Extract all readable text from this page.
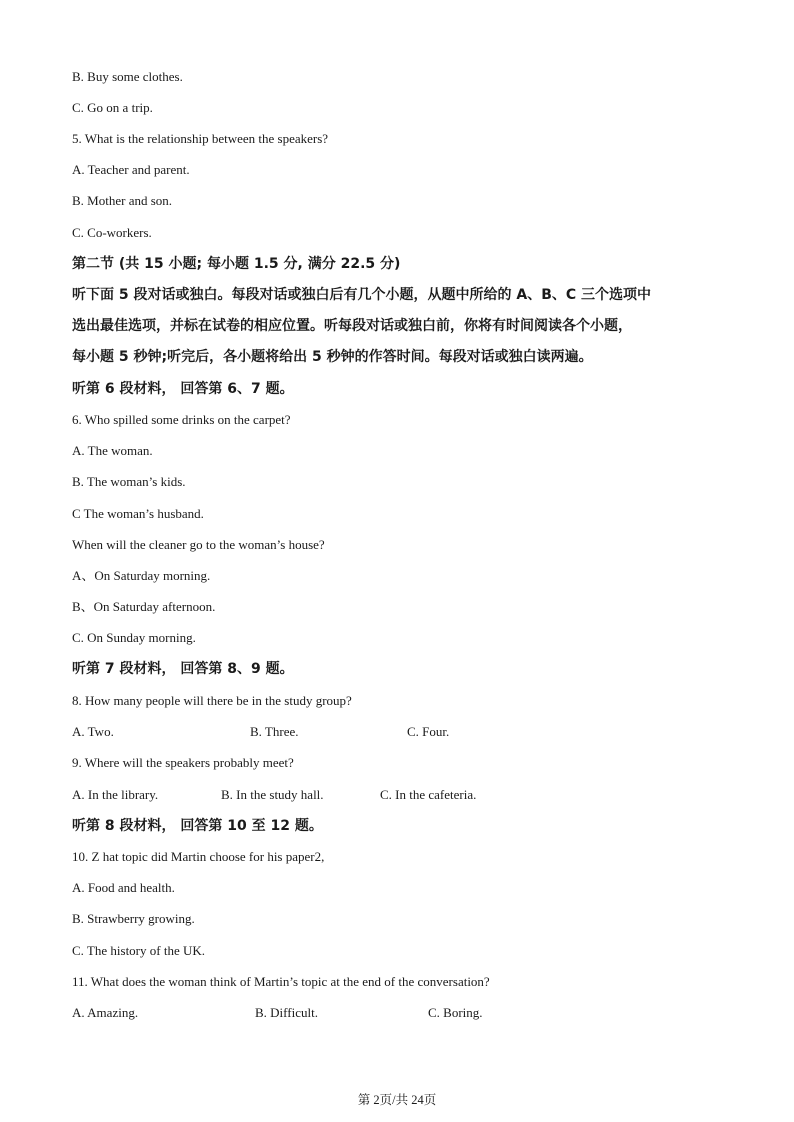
B. Buy some clothes.
C. Go on a trip.
5. What is the relationship between the speakers?
A. Teacher and parent.
B. Mother and son.
C. Co-workers.
第二节 (共 15 小题; 每小题 1.5 分, 满分 22.5 分)
听下面 5 段对话或独白。每段对话或独白后有几个小题，从题中所给的 A、B、C 三个选项中
选出最佳选项，并标在试卷的相应位置。听每段对话或独白前，你将有时间阅读各个小题，
每小题 5 秒钟;听完后，各小题将给出 5 秒钟的作答时间。每段对话或独白读两遍。
听第 6 段材料， 回答第 6、7 题。
6. Who spilled some drinks on the carpet?
A. The woman.
B. The woman’s kids.
C The woman’s husband.
When will the cleaner go to the woman’s house?
A、On Saturday morning.
B、On Saturday afternoon.
C. On Sunday morning.
听第 7 段材料， 回答第 8、9 题。
8. How many people will there be in the study group?
A. Two.	B. Three.	C. Four.
9. Where will the speakers probably meet?
A. In the library.	B. In the study hall.	C. In the cafeteria.
听第 8 段材料， 回答第 10 至 12 题。
10. Z hat topic did Martin choose for his paper2,
A. Food and health.
B. Strawberry growing.
C. The history of the UK.
11. What does the woman think of Martin’s topic at the end of the conversation?
A. Amazing.	B. Difficult.	C. Boring.
第 2页/共 24页
